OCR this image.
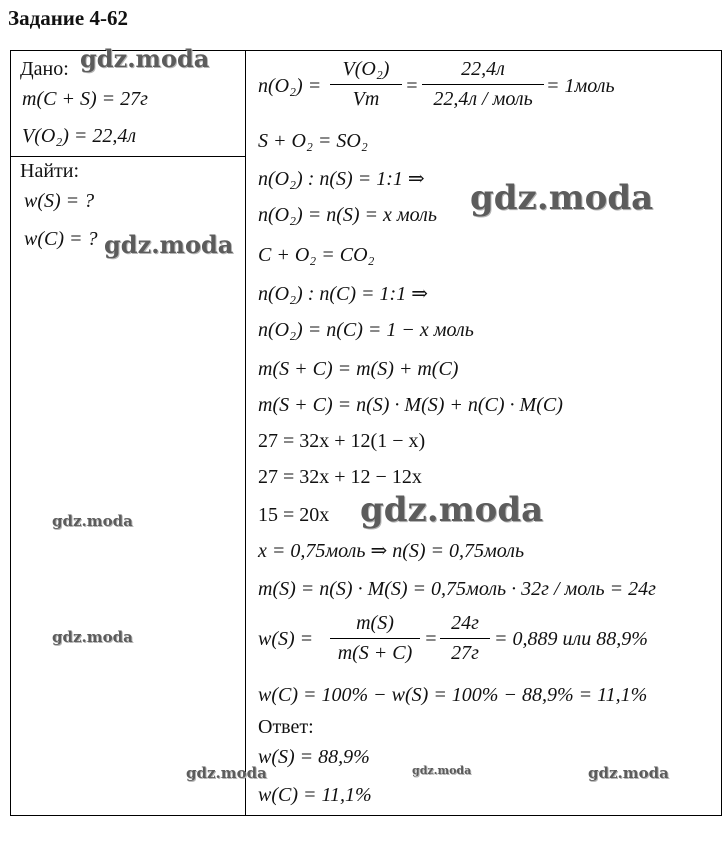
Задание 4-62
Дано:
m(C + S) = 27г
V(O₂) = 22,4л
Найти:
w(S) = ?
w(C) = ?
n(O₂) =
V(O₂)
Vm
=
22,4л
22,4л / моль
= 1моль
S + O₂ = SO₂
n(O₂) : n(S) = 1:1 ⇒
n(O₂) = n(S) = x моль
C + O₂ = CO₂
n(O₂) : n(C) = 1:1 ⇒
n(O₂) = n(C) = 1 − x моль
m(S + C) = m(S) + m(C)
m(S + C) = n(S) · M(S) + n(C) · M(C)
27 = 32x + 12(1 − x)
27 = 32x + 12 − 12x
15 = 20x
x = 0,75моль ⇒ n(S) = 0,75моль
m(S) = n(S) · M(S) = 0,75моль · 32г / моль = 24г
w(S) =
m(S)
m(S + C)
=
24г
27г
= 0,889 или 88,9%
w(C) = 100% − w(S) = 100% − 88,9% = 11,1%
Ответ:
w(S) = 88,9%
w(C) = 11,1%
gdz.moda
gdz.moda
gdz.moda
gdz.moda
gdz.moda
gdz.moda
gdz.moda	gdz.moda	gdz.moda
